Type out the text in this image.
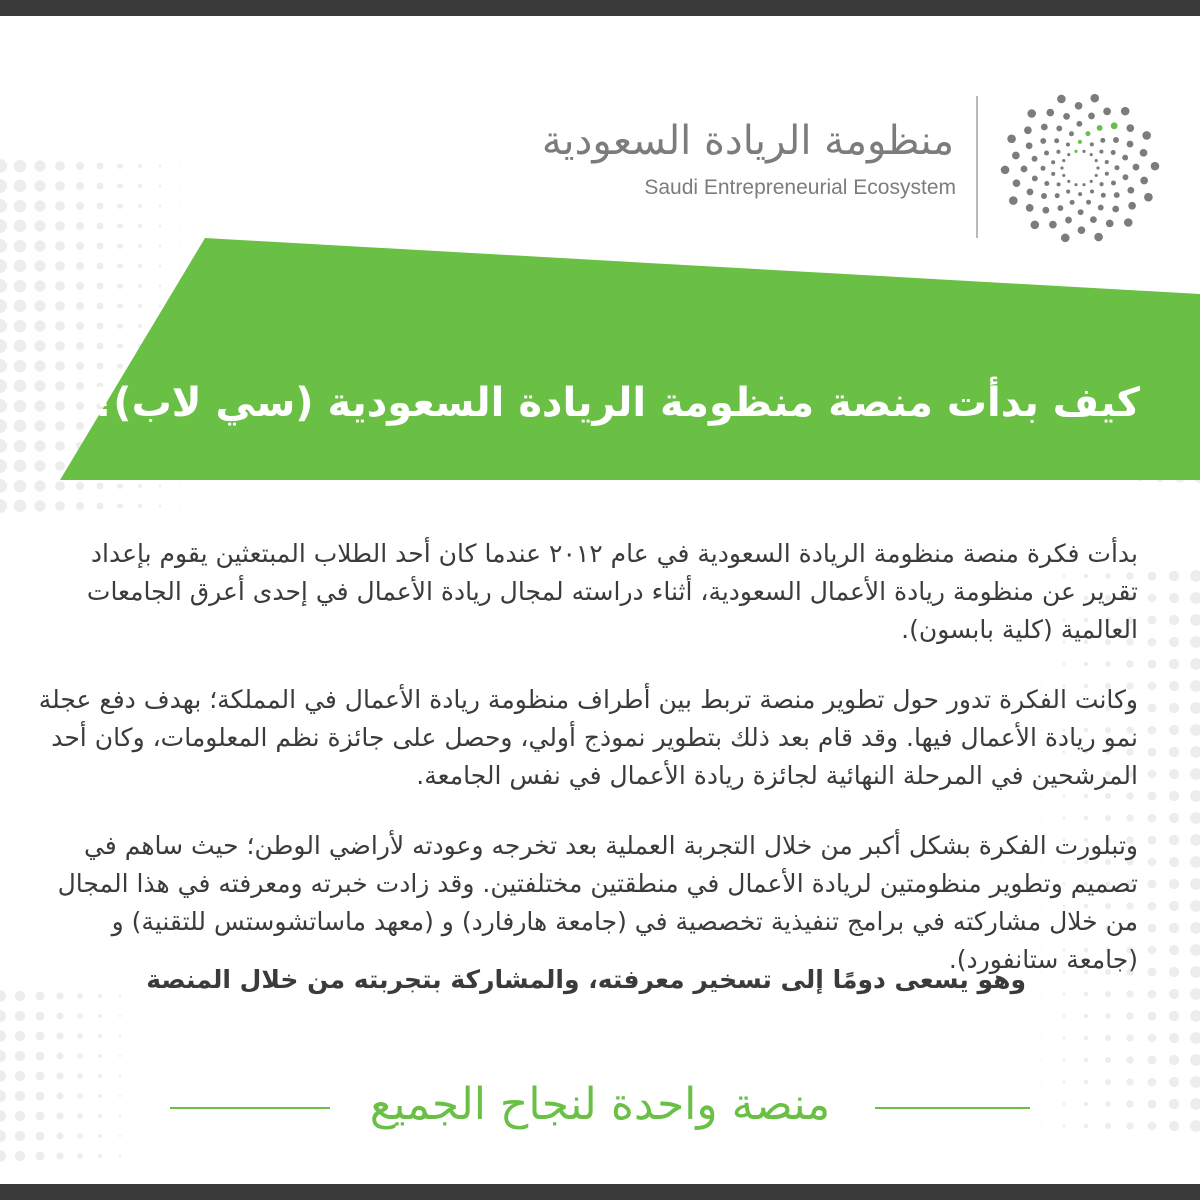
منظومة الريادة السعودية
Saudi Entrepreneurial Ecosystem
كيف بدأت منصة منظومة الريادة السعودية (سي لاب)؟

بدأت فكرة منصة منظومة الريادة السعودية في عام ٢٠١٢ عندما كان أحد الطلاب المبتعثين يقوم بإعداد تقرير عن منظومة ريادة الأعمال السعودية، أثناء دراسته لمجال ريادة الأعمال في إحدى أعرق الجامعات العالمية (كلية بابسون).

وكانت الفكرة تدور حول تطوير منصة تربط بين أطراف منظومة ريادة الأعمال في المملكة؛ بهدف دفع عجلة نمو ريادة الأعمال فيها. وقد قام بعد ذلك بتطوير نموذج أولي، وحصل على جائزة نظم المعلومات، وكان أحد المرشحين في المرحلة النهائية لجائزة ريادة الأعمال في نفس الجامعة.

وتبلورت الفكرة بشكل أكبر من خلال التجربة العملية بعد تخرجه وعودته لأراضي الوطن؛ حيث ساهم في تصميم وتطوير منظومتين لريادة الأعمال في منطقتين مختلفتين. وقد زادت خبرته ومعرفته في هذا المجال من خلال مشاركته في برامج تنفيذية تخصصية في (جامعة هارفارد) و (معهد ماساتشوستس للتقنية) و (جامعة ستانفورد).

وهو يسعى دومًا إلى تسخير معرفته، والمشاركة بتجربته من خلال المنصة
منصة واحدة لنجاح الجميع
